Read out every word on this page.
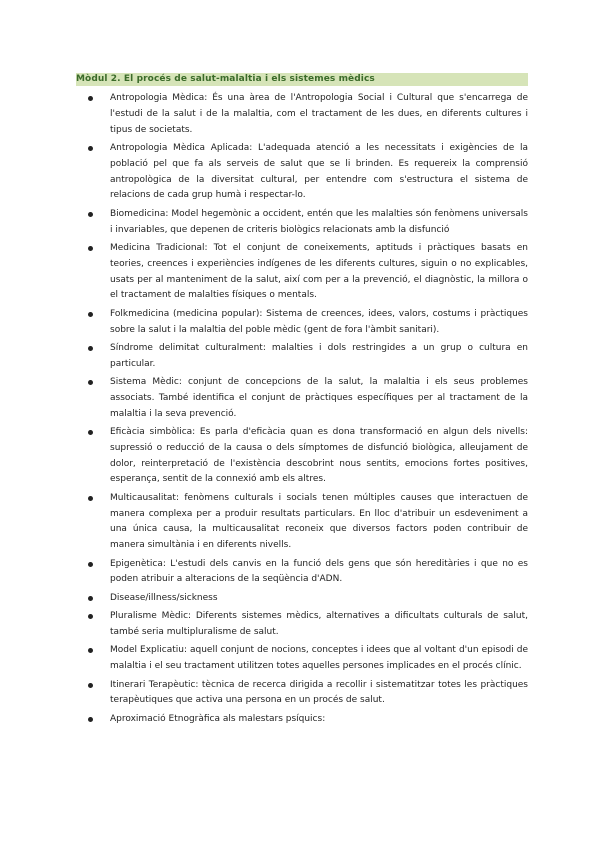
Mòdul 2. El procés de salut-malaltia i els sistemes mèdics
Antropologia Mèdica: És una àrea de l'Antropologia Social i Cultural que s'encarrega de l'estudi de la salut i de la malaltia, com el tractament de les dues, en diferents cultures i tipus de societats.
Antropologia Mèdica Aplicada: L'adequada atenció a les necessitats i exigències de la població pel que fa als serveis de salut que se li brinden. Es requereix la comprensió antropològica de la diversitat cultural, per entendre com s'estructura el sistema de relacions de cada grup humà i respectar-lo.
Biomedicina: Model hegemònic a occident, entén que les malalties són fenòmens universals i invariables, que depenen de criteris biològics relacionats amb la disfunció
Medicina Tradicional: Tot el conjunt de coneixements, aptituds i pràctiques basats en teories, creences i experiències indígenes de les diferents cultures, siguin o no explicables, usats per al manteniment de la salut, així com per a la prevenció, el diagnòstic, la millora o el tractament de malalties físiques o mentals.
Folkmedicina (medicina popular): Sistema de creences, idees, valors, costums i pràctiques sobre la salut i la malaltia del poble mèdic (gent de fora l'àmbit sanitari).
Síndrome delimitat culturalment: malalties i dols restringides a un grup o cultura en particular.
Sistema Mèdic: conjunt de concepcions de la salut, la malaltia i els seus problemes associats. També identifica el conjunt de pràctiques específiques per al tractament de la malaltia i la seva prevenció.
Eficàcia simbòlica: Es parla d'eficàcia quan es dona transformació en algun dels nivells: supressió o reducció de la causa o dels símptomes de disfunció biològica, alleujament de dolor, reinterpretació de l'existència descobrint nous sentits, emocions fortes positives, esperança, sentit de la connexió amb els altres.
Multicausalitat: fenòmens culturals i socials tenen múltiples causes que interactuen de manera complexa per a produir resultats particulars. En lloc d'atribuir un esdeveniment a una única causa, la multicausalitat reconeix que diversos factors poden contribuir de manera simultània i en diferents nivells.
Epigenètica: L'estudi dels canvis en la funció dels gens que són hereditàries i que no es poden atribuir a alteracions de la seqüència d'ADN.
Disease/illness/sickness
Pluralisme Mèdic: Diferents sistemes mèdics, alternatives a dificultats culturals de salut, també seria multipluralisme de salut.
Model Explicatiu: aquell conjunt de nocions, conceptes i idees que al voltant d'un episodi de malaltia i el seu tractament utilitzen totes aquelles persones implicades en el procés clínic.
Itinerari Terapèutic: tècnica de recerca dirigida a recollir i sistematitzar totes les pràctiques terapèutiques que activa una persona en un procés de salut.
Aproximació Etnogràfica als malestars psíquics:
